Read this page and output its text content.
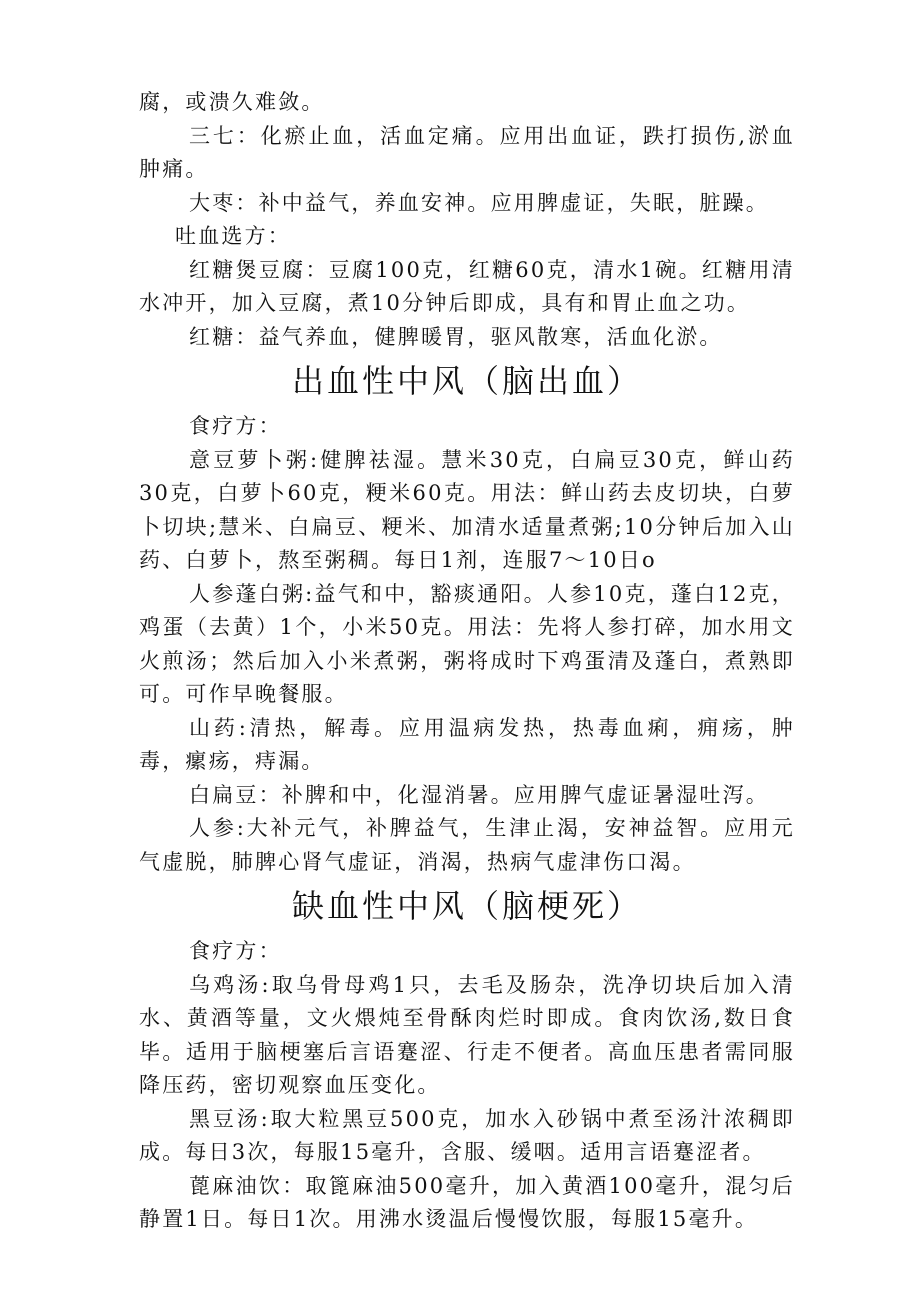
腐，或溃久难敛。

三七：化瘀止血，活血定痛。应用出血证，跌打损伤,淤血肿痛。

大枣：补中益气，养血安神。应用脾虚证，失眠，脏躁。

吐血选方：

红糖煲豆腐：豆腐100克，红糖60克，清水1碗。红糖用清水冲开，加入豆腐，煮10分钟后即成，具有和胃止血之功。

红糖：益气养血，健脾暖胃，驱风散寒，活血化淤。

出血性中风（脑出血）

食疗方：

意豆萝卜粥:健脾祛湿。慧米30克，白扁豆30克，鲜山药30克，白萝卜60克，粳米60克。用法：鲜山药去皮切块，白萝卜切块;慧米、白扁豆、粳米、加清水适量煮粥;10分钟后加入山药、白萝卜，熬至粥稠。每日1剂，连服7～10日o

人参蓬白粥:益气和中，豁痰通阳。人参10克，蓬白12克，鸡蛋（去黄）1个，小米50克。用法：先将人参打碎，加水用文火煎汤；然后加入小米煮粥，粥将成时下鸡蛋清及蓬白，煮熟即可。可作早晚餐服。

山药:清热，解毒。应用温病发热，热毒血痢，痈疡，肿毒，瘰疡，痔漏。

白扁豆：补脾和中，化湿消暑。应用脾气虚证暑湿吐泻。

人参:大补元气，补脾益气，生津止渴，安神益智。应用元气虚脱，肺脾心肾气虚证，消渴，热病气虚津伤口渴。

缺血性中风（脑梗死）

食疗方：

乌鸡汤:取乌骨母鸡1只，去毛及肠杂，洗净切块后加入清水、黄酒等量，文火煨炖至骨酥肉烂时即成。食肉饮汤,数日食毕。适用于脑梗塞后言语蹇涩、行走不便者。高血压患者需同服降压药，密切观察血压变化。

黑豆汤:取大粒黑豆500克，加水入砂锅中煮至汤汁浓稠即成。每日3次，每服15毫升，含服、缓咽。适用言语蹇涩者。

蓖麻油饮：取篦麻油500毫升，加入黄酒100毫升，混匀后静置1日。每日1次。用沸水烫温后慢慢饮服，每服15毫升。
